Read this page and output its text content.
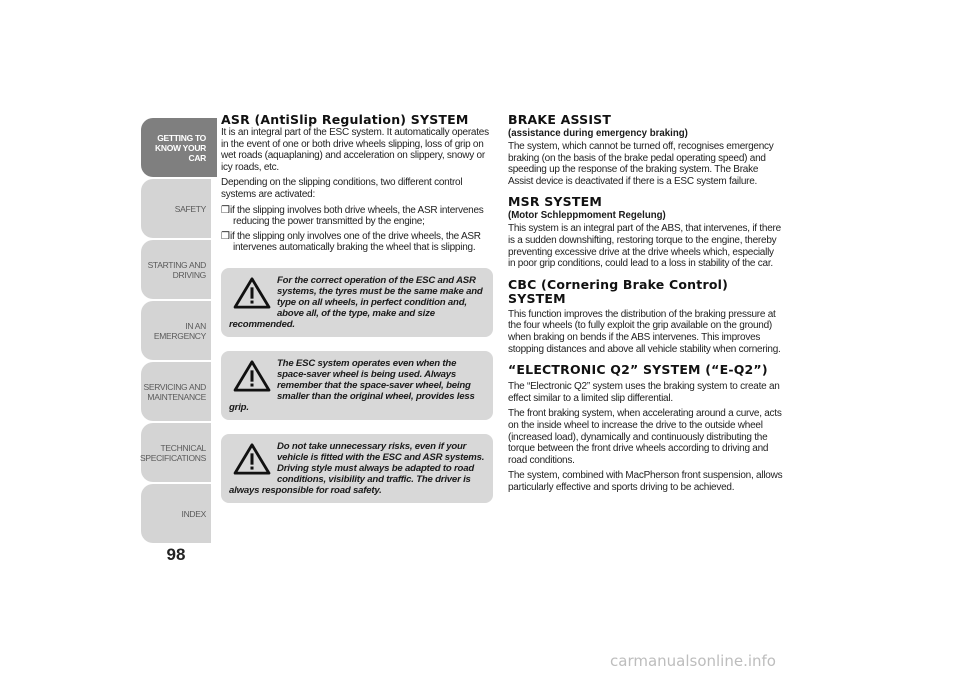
GETTING TO
KNOW YOUR CAR
SAFETY
STARTING AND
DRIVING
IN AN EMERGENCY
SERVICING AND
MAINTENANCE
TECHNICAL
SPECIFICATIONS
INDEX
98
ASR (AntiSlip Regulation) SYSTEM

It is an integral part of the ESC system. It automatically operates in the event of one or both drive wheels slipping, loss of grip on wet roads (aquaplaning) and acceleration on slippery, snowy or icy roads, etc.

Depending on the slipping conditions, two different control systems are activated:

❒if the slipping involves both drive wheels, the ASR intervenes reducing the power transmitted by the engine;
❒if the slipping only involves one of the drive wheels, the ASR intervenes automatically braking the wheel that is slipping.
For the correct operation of the ESC and ASR systems, the tyres must be the same make and type on all wheels, in perfect condition and, above all, of the type, make and size recommended.
The ESC system operates even when the space-saver wheel is being used. Always remember that the space-saver wheel, being smaller than the original wheel, provides less grip.
Do not take unnecessary risks, even if your vehicle is fitted with the ESC and ASR systems. Driving style must always be adapted to road conditions, visibility and traffic. The driver is always responsible for road safety.
BRAKE ASSIST
(assistance during emergency braking)

The system, which cannot be turned off, recognises emergency braking (on the basis of the brake pedal operating speed) and speeding up the response of the braking system. The Brake Assist device is deactivated if there is a ESC system failure.

MSR SYSTEM
(Motor Schleppmoment Regelung)

This system is an integral part of the ABS, that intervenes, if there is a sudden downshifting, restoring torque to the engine, thereby preventing excessive drive at the drive wheels which, especially in poor grip conditions, could lead to a loss in stability of the car.

CBC (Cornering Brake Control) SYSTEM

This function improves the distribution of the braking pressure at the four wheels (to fully exploit the grip available on the ground) when braking on bends if the ABS intervenes. This improves stopping distances and above all vehicle stability when cornering.

“ELECTRONIC Q2” SYSTEM (“E-Q2”)

The “Electronic Q2” system uses the braking system to create an effect similar to a limited slip differential.

The front braking system, when accelerating around a curve, acts on the inside wheel to increase the drive to the outside wheel (increased load), dynamically and continuously distributing the torque between the front drive wheels according to driving and road conditions.

The system, combined with MacPherson front suspension, allows particularly effective and sports driving to be achieved.

carmanualsonline.info
